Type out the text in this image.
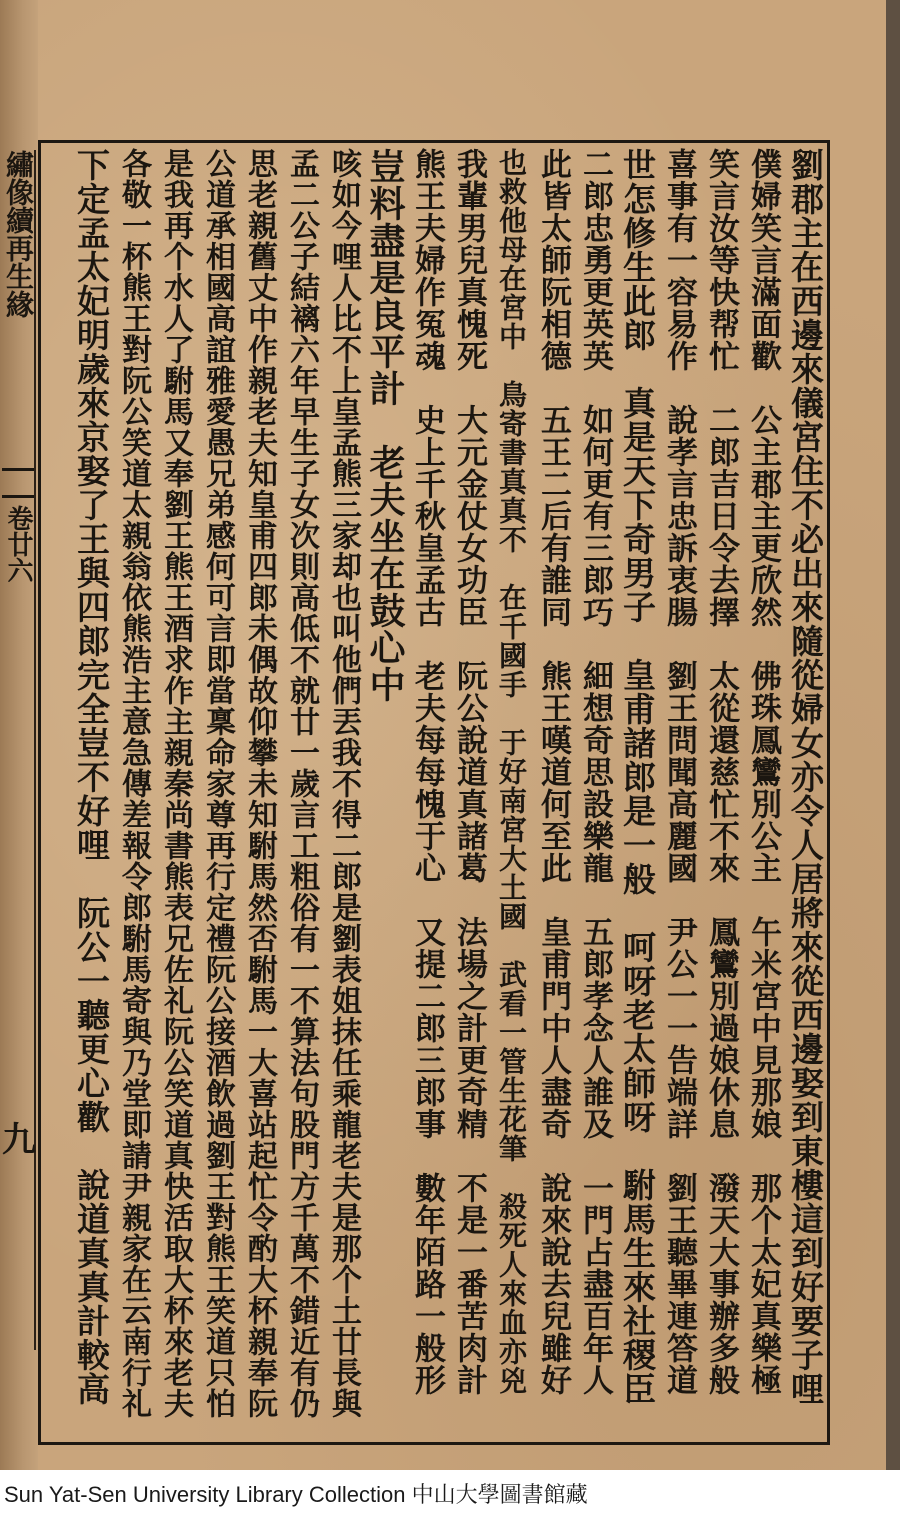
繡像續再生緣
卷廿六
九	劉郡主在西邊來儀宮住不必出來隨從婦女亦令人居將來從西邊娶到東樓這到好要子哩
僕婦笑言滿面歡　公主郡主更欣然　佛珠鳳鸞別公主　午米宮中見那娘　那个太妃真樂極
笑言汝等快帮忙　二郎吉日令去擇　太從還慈忙不來　鳳鸞別過娘休息　潑天大事辦多般
喜事有一容易作　說孝言忠訴衷腸　劉王問聞高麗國　尹公一一告端詳　劉王聽畢連答道
世怎修生此郎　真是天下奇男子　皇甫諸郎是一般　呵呀老太師呀　駙馬生來社稷臣
二郎忠勇更英英　如何更有三郎巧　細想奇思設樂龍　五郎孝念人誰及　一門占盡百年人
此皆太師阮相德　五王二后有誰同　熊王嘆道何至此　皇甫門中人盡奇　說來說去兒雖好
也救他母在宮中　鳥寄書真真不　在千國手　于好南宮大土國　武看一管生花筆　殺死人來血亦兇
我輩男兒真愧死　大元金仗女功臣　阮公說道真諸葛　法場之計更奇精　不是一番苦肉計
熊王夫婦作冤魂　史上千秋皇孟古　老夫每每愧于心　又提二郎三郎事　數年陌路一般形
豈料盡是良平計　老夫坐在鼓心中
咳如今哩人比不上皇孟熊三家却也叫他們丟我不得二郎是劉表姐抹任乘龍老夫是那个土廿長與
孟二公子結褵六年早生子女次則高低不就廿一歲言工粗俗有一不算法句股門方千萬不錯近有仍
思老親舊丈中作親老夫知皇甫四郎未偶故仰攀未知駙馬然否駙馬一大喜站起忙令酌大杯親奉阮
公道承相國高誼雅愛愚兄弟感何可言即當稟命家尊再行定禮阮公接酒飲過劉王對熊王笑道只怕
是我再个水人了駙馬又奉劉王熊王酒求作主親秦尚書熊表兄佐礼阮公笑道真快活取大杯來老夫
各敬一杯熊王對阮公笑道太親翁依熊浩主意急傳差報令郎駙馬寄與乃堂即請尹親家在云南行礼
下定孟太妃明歲來京娶了王與四郎完全豈不好哩　阮公一聽更心歡　說道真真計較高
Sun Yat-Sen University Library Collection 中山大學圖書館藏
